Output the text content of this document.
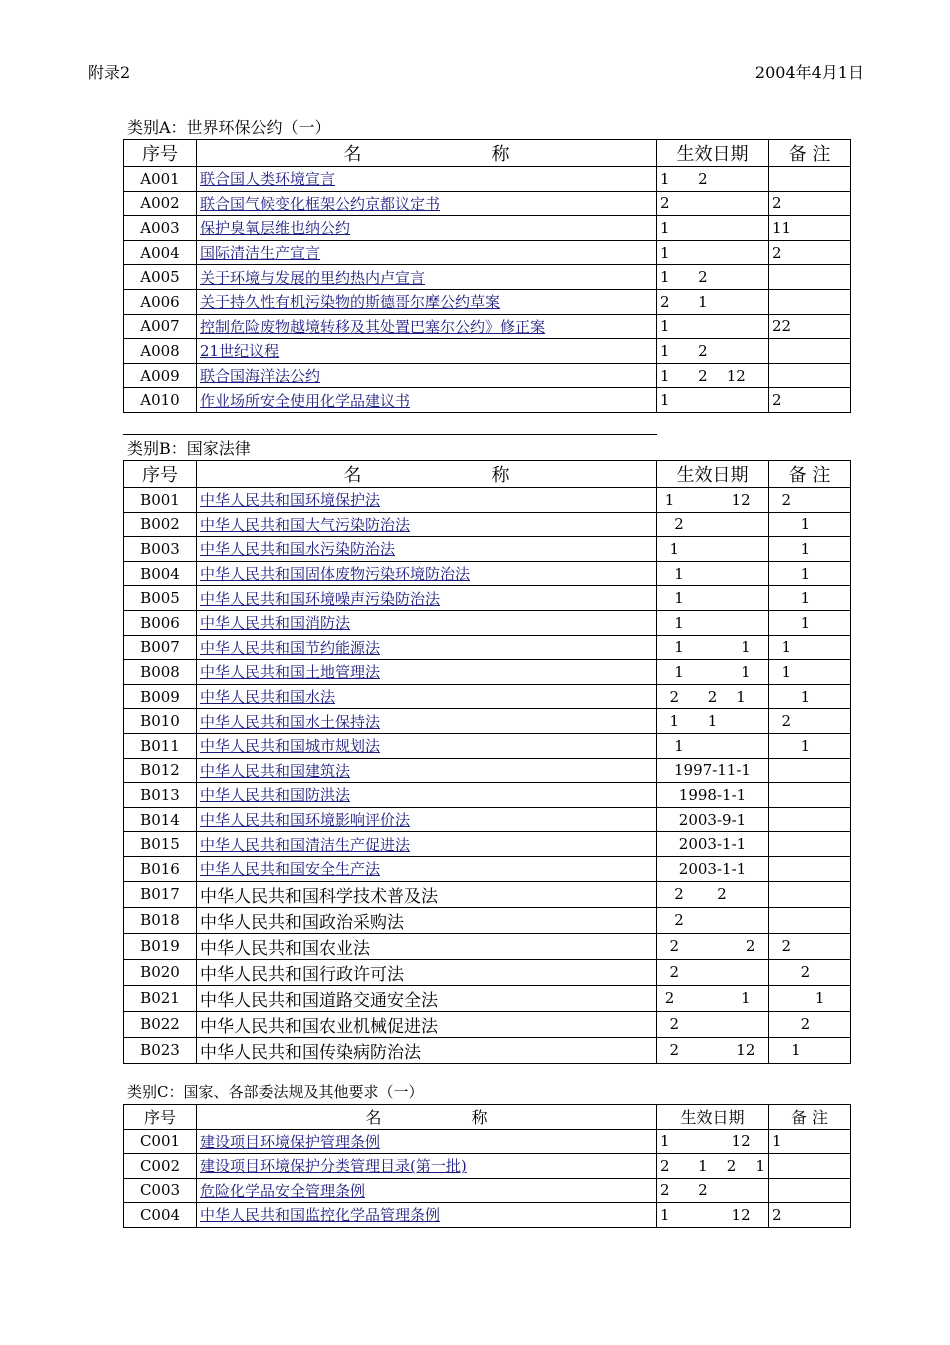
附录2	2004年4月1日
类别A：世界环保公约（一）
序号	名 称	生效日期	备 注
A001	联合国人类环境宣言	1      2	
A002	联合国气候变化框架公约京都议定书	2	2
A003	保护臭氧层维也纳公约	1	11
A004	国际清洁生产宣言	1	2
A005	关于环境与发展的里约热内卢宣言	1      2	
A006	关于持久性有机污染物的斯德哥尔摩公约草案	2      1	
A007	控制危险废物越境转移及其处置巴塞尔公约》修正案	1	22
A008	21世纪议程	1      2	
A009	联合国海洋法公约	1      2    12	
A010	作业场所安全使用化学品建议书	1	2
类别B：国家法律
序号	名 称	生效日期	备 注
B001	中华人民共和国环境保护法	1            12	2
B002	中华人民共和国大气污染防治法	2	1
B003	中华人民共和国水污染防治法	1	1
B004	中华人民共和国固体废物污染环境防治法	1	1
B005	中华人民共和国环境噪声污染防治法	1	1
B006	中华人民共和国消防法	1	1
B007	中华人民共和国节约能源法	1            1	1
B008	中华人民共和国土地管理法	1            1	1
B009	中华人民共和国水法	2      2    1	1
B010	中华人民共和国水土保持法	1      1	2
B011	中华人民共和国城市规划法	1	1
B012	中华人民共和国建筑法	1997-11-1	
B013	中华人民共和国防洪法	1998-1-1	
B014	中华人民共和国环境影响评价法	2003-9-1	
B015	中华人民共和国清洁生产促进法	2003-1-1	
B016	中华人民共和国安全生产法	2003-1-1	
B017	中华人民共和国科学技术普及法	2       2	
B018	中华人民共和国政治采购法	2	
B019	中华人民共和国农业法	2              2	2
B020	中华人民共和国行政许可法	2	2
B021	中华人民共和国道路交通安全法	2              1	1
B022	中华人民共和国农业机械促进法	2	2
B023	中华人民共和国传染病防治法	2            12	1
类别C：国家、各部委法规及其他要求（一）
序号	名 称	生效日期	备 注
C001	建设项目环境保护管理条例	1             12	1
C002	建设项目环境保护分类管理目录(第一批)	2      1    2    1	
C003	危险化学品安全管理条例	2      2	
C004	中华人民共和国监控化学品管理条例	1             12	2
